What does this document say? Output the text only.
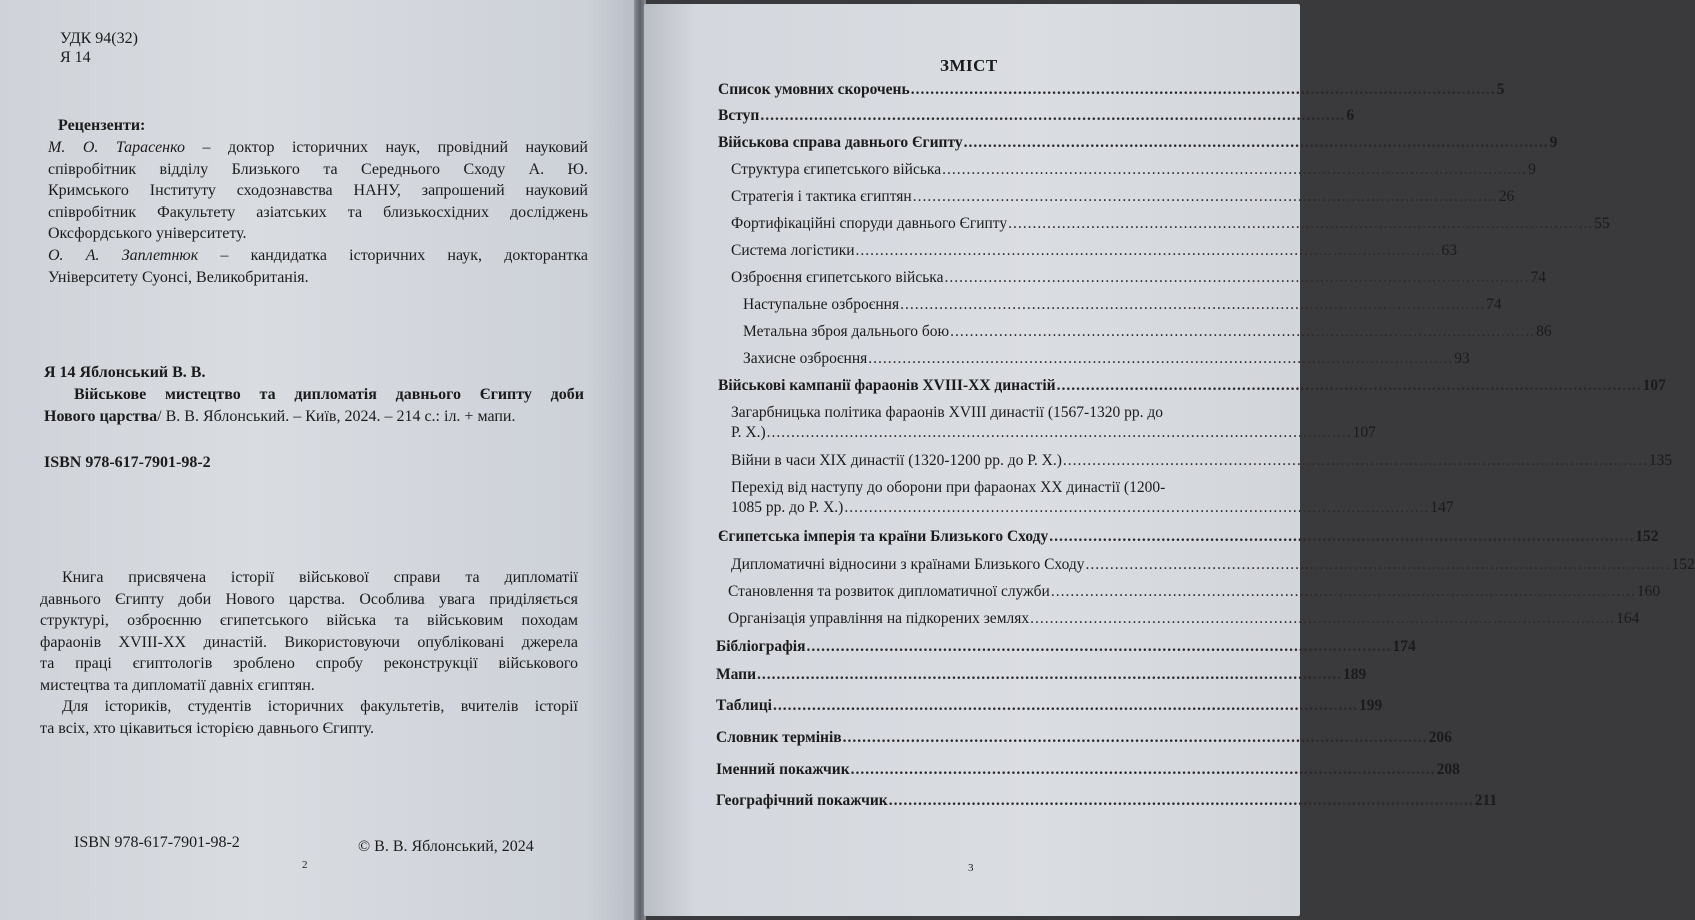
УДК 94(32)
Я 14
Рецензенти:
М. О. Тарасенко – доктор історичних наук, провідний науковий
співробітник відділу Близького та Середнього Сходу А. Ю.
Кримського Інституту сходознавства НАНУ, запрошений науковий
співробітник Факультету азіатських та близькосхідних досліджень
Оксфордського університету.
О. А. Заплетнюк – кандидатка історичних наук, докторантка
Університету Суонсі, Великобританія.
Я 14 Яблонський В. В.
Військове мистецтво та дипломатія давнього Єгипту доби
Нового царства/ В. В. Яблонський. – Київ, 2024. – 214 с.: іл. + мапи.
ISBN 978-617-7901-98-2
Книга присвячена історії військової справи та дипломатії
давнього Єгипту доби Нового царства. Особлива увага приділяється
структурі, озброєнню єгипетського війська та військовим походам
фараонів XVIII-XX династій. Використовуючи опубліковані джерела
та праці єгиптологів зроблено спробу реконструкції військового
мистецтва та дипломатії давніх єгиптян.
Для істориків, студентів історичних факультетів, вчителів історії
та всіх, хто цікавиться історією давнього Єгипту.
ISBN 978-617-7901-98-2	© В. В. Яблонський, 2024
2
ЗМІСТ
Список умовних скорочень ........................................................................................................................ 5
Вступ ........................................................................................................................ 6
Військова справа давнього Єгипту ........................................................................................................................ 9
Структура єгипетського війська ........................................................................................................................ 9
Стратегія і тактика єгиптян ........................................................................................................................ 26
Фортифікаційні споруди давнього Єгипту ........................................................................................................................ 55
Система логістики ........................................................................................................................ 63
Озброєння єгипетського війська ........................................................................................................................ 74
Наступальне озброєння ........................................................................................................................ 74
Метальна зброя дальнього бою ........................................................................................................................ 86
Захисне озброєння ........................................................................................................................ 93
Військові кампанії фараонів XVIII-XX династій ........................................................................................................................ 107
Загарбницька політика фараонів XVIII династії (1567-1320 рр. до
Р. Х.) ........................................................................................................................ 107
Війни в часи XIX династії (1320-1200 рр. до Р. Х.) ........................................................................................................................ 135
Перехід від наступу до оборони при фараонах XX династії (1200-
1085 рр. до Р. Х.) ........................................................................................................................ 147
Єгипетська імперія та країни Близького Сходу ........................................................................................................................ 152
Дипломатичні відносини з країнами Близького Сходу ........................................................................................................................ 152
Становлення та розвиток дипломатичної служби ........................................................................................................................ 160
Організація управління на підкорених землях ........................................................................................................................ 164
Бібліографія ........................................................................................................................ 174
Мапи ........................................................................................................................ 189
Таблиці ........................................................................................................................ 199
Словник термінів ........................................................................................................................ 206
Іменний покажчик ........................................................................................................................ 208
Географічний покажчик ........................................................................................................................ 211
3
